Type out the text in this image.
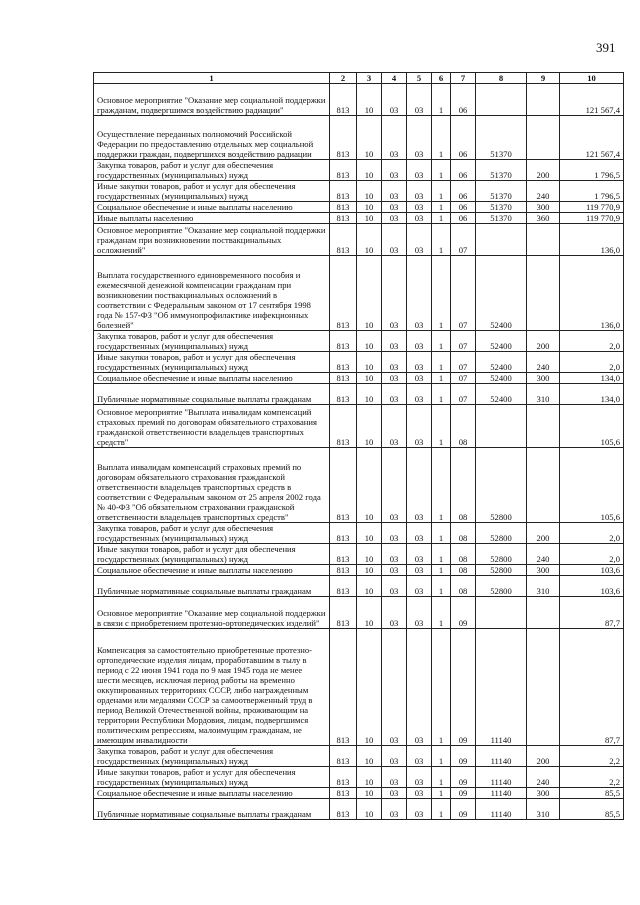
391
1	2	3	4	5	6	7	8	9	10
Основное мероприятие "Оказание мер социальной поддержки гражданам, подвергшимся воздействию радиации"	813	10	03	03	1	06			121 567,4
Осуществление переданных полномочий Российской Федерации по предоставлению отдельных мер социальной поддержки граждан, подвергшихся воздействию радиации	813	10	03	03	1	06	51370		121 567,4
Закупка товаров, работ и услуг для обеспечения государственных (муниципальных) нужд	813	10	03	03	1	06	51370	200	1 796,5
Иные закупки товаров, работ и услуг для обеспечения государственных (муниципальных) нужд	813	10	03	03	1	06	51370	240	1 796,5
Социальное обеспечение и иные выплаты населению	813	10	03	03	1	06	51370	300	119 770,9
Иные выплаты населению	813	10	03	03	1	06	51370	360	119 770,9
Основное мероприятие "Оказание мер социальной поддержки гражданам при возникновении поствакцинальных осложнений"	813	10	03	03	1	07			136,0
Выплата государственного единовременного пособия и ежемесячной денежной компенсации гражданам при возникновении поствакцинальных осложнений в соответствии с Федеральным законом от 17 сентября 1998 года № 157-ФЗ "Об иммунопрофилактике инфекционных болезней"	813	10	03	03	1	07	52400		136,0
Закупка товаров, работ и услуг для обеспечения государственных (муниципальных) нужд	813	10	03	03	1	07	52400	200	2,0
Иные закупки товаров, работ и услуг для обеспечения государственных (муниципальных) нужд	813	10	03	03	1	07	52400	240	2,0
Социальное обеспечение и иные выплаты населению	813	10	03	03	1	07	52400	300	134,0
Публичные нормативные социальные выплаты гражданам	813	10	03	03	1	07	52400	310	134,0
Основное мероприятие "Выплата инвалидам компенсаций страховых премий по договорам обязательного страхования гражданской ответственности владельцев транспортных средств"	813	10	03	03	1	08			105,6
Выплата инвалидам компенсаций страховых премий по договорам обязательного страхования гражданской ответственности владельцев транспортных средств в соответствии с Федеральным законом от 25 апреля 2002 года № 40-ФЗ "Об обязательном страховании гражданской ответственности владельцев транспортных средств"	813	10	03	03	1	08	52800		105,6
Закупка товаров, работ и услуг для обеспечения государственных (муниципальных) нужд	813	10	03	03	1	08	52800	200	2,0
Иные закупки товаров, работ и услуг для обеспечения государственных (муниципальных) нужд	813	10	03	03	1	08	52800	240	2,0
Социальное обеспечение и иные выплаты населению	813	10	03	03	1	08	52800	300	103,6
Публичные нормативные социальные выплаты гражданам	813	10	03	03	1	08	52800	310	103,6
Основное мероприятие "Оказание мер социальной поддержки в связи с приобретением протезно-ортопедических изделий"	813	10	03	03	1	09			87,7
Компенсация за самостоятельно приобретенные протезно-ортопедические изделия лицам, проработавшим в тылу в период с 22 июня 1941 года по 9 мая 1945 года не менее шести месяцев, исключая период работы на временно оккупированных территориях СССР, либо награжденным орденами или медалями СССР за самоотверженный труд в период Великой Отечественной войны, проживающим на территории Республики Мордовия, лицам, подвергшимся политическим репрессиям, малоимущим гражданам, не имеющим инвалидности	813	10	03	03	1	09	11140		87,7
Закупка товаров, работ и услуг для обеспечения государственных (муниципальных) нужд	813	10	03	03	1	09	11140	200	2,2
Иные закупки товаров, работ и услуг для обеспечения государственных (муниципальных) нужд	813	10	03	03	1	09	11140	240	2,2
Социальное обеспечение и иные выплаты населению	813	10	03	03	1	09	11140	300	85,5
Публичные нормативные социальные выплаты гражданам	813	10	03	03	1	09	11140	310	85,5
